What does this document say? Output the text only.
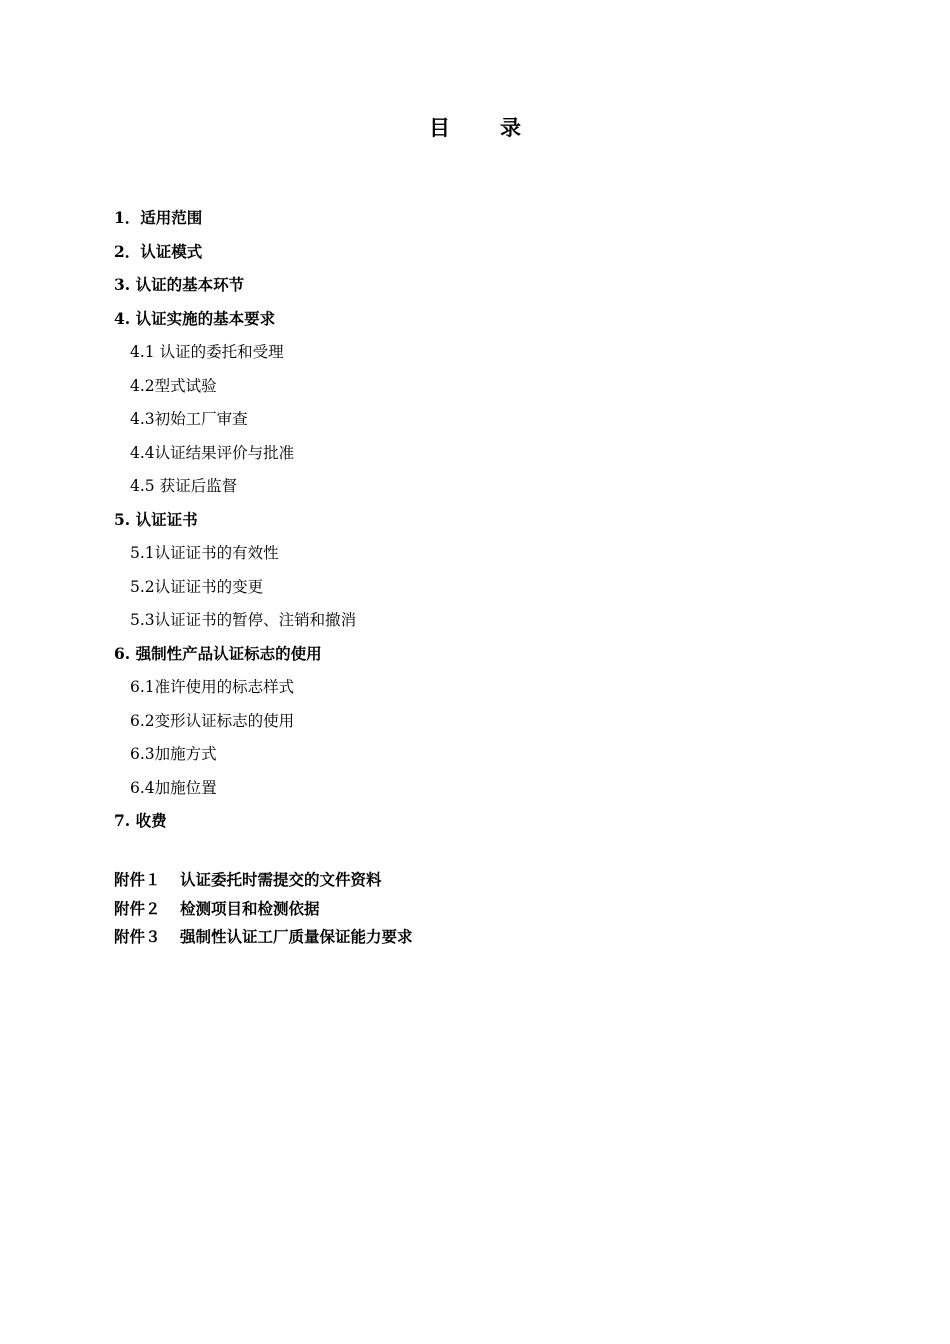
目 录
1．适用范围
2．认证模式
3. 认证的基本环节
4. 认证实施的基本要求
4.1 认证的委托和受理
4.2型式试验
4.3初始工厂审查
4.4认证结果评价与批准
4.5 获证后监督
5. 认证证书
5.1认证证书的有效性
5.2认证证书的变更
5.3认证证书的暂停、注销和撤消
6. 强制性产品认证标志的使用
6.1准许使用的标志样式
6.2变形认证标志的使用
6.3加施方式
6.4加施位置
7. 收费
附件１ 认证委托时需提交的文件资料
附件２ 检测项目和检测依据
附件３ 强制性认证工厂质量保证能力要求
